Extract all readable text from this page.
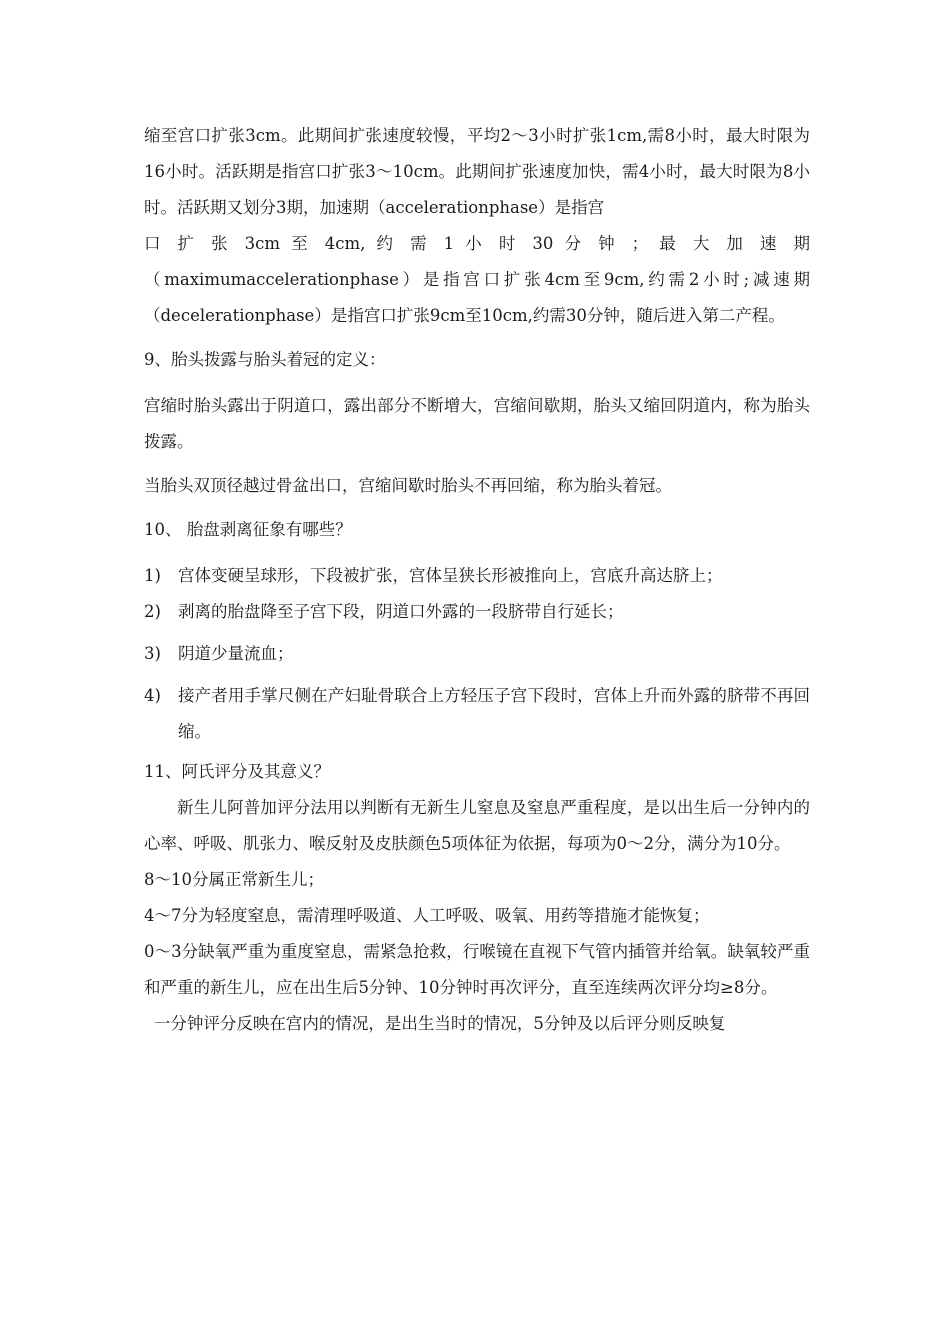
缩至宫口扩张3cm。此期间扩张速度较慢，平均2～3小时扩张1cm,需8小时，最大时限为16小时。活跃期是指宫口扩张3～10cm。此期间扩张速度加快，需4小时，最大时限为8小时。活跃期又划分3期，加速期（accelerationphase）是指宫

口 扩 张 3cm 至 4cm, 约 需 1 小 时 30 分 钟 ； 最 大 加 速 期

（maximumaccelerationphase）是指宫口扩张4cm至9cm,约需2小时;减速期（decelerationphase）是指宫口扩张9cm至10cm,约需30分钟，随后进入第二产程。

9、胎头拨露与胎头着冠的定义：

宫缩时胎头露出于阴道口，露出部分不断增大，宫缩间歇期，胎头又缩回阴道内，称为胎头拨露。

当胎头双顶径越过骨盆出口，宫缩间歇时胎头不再回缩，称为胎头着冠。

10、 胎盘剥离征象有哪些？

1)	宫体变硬呈球形，下段被扩张，宫体呈狭长形被推向上，宫底升高达脐上；
2)	剥离的胎盘降至子宫下段，阴道口外露的一段脐带自行延长；
3)	阴道少量流血；
4)	接产者用手掌尺侧在产妇耻骨联合上方轻压子宫下段时，宫体上升而外露的脐带不再回缩。

11、阿氏评分及其意义？

新生儿阿普加评分法用以判断有无新生儿窒息及窒息严重程度，是以出生后一分钟内的心率、呼吸、肌张力、喉反射及皮肤颜色5项体征为依据，每项为0～2分，满分为10分。

8～10分属正常新生儿；

4～7分为轻度窒息，需清理呼吸道、人工呼吸、吸氧、用药等措施才能恢复；

0～3分缺氧严重为重度窒息，需紧急抢救，行喉镜在直视下气管内插管并给氧。缺氧较严重和严重的新生儿，应在出生后5分钟、10分钟时再次评分，直至连续两次评分均≥8分。

一分钟评分反映在宫内的情况，是出生当时的情况，5分钟及以后评分则反映复
